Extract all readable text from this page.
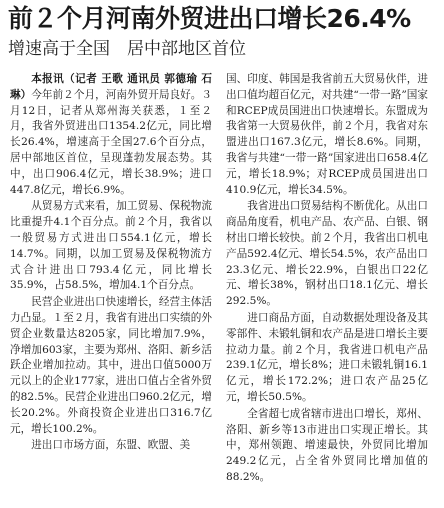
前２个月河南外贸进出口增长26.4%
增速高于全国　居中部地区首位

本报讯（记者 王歌 通讯员 郭德瑜 石琳）今年前２个月，河南外贸开局良好。３月12日，记者从郑州海关获悉，１至２月，我省外贸进出口1354.2亿元，同比增长26.4%，增速高于全国27.6个百分点，居中部地区首位，呈现蓬勃发展态势。其中，出口906.4亿元，增长38.9%；进口447.8亿元，增长6.9%。

从贸易方式来看，加工贸易、保税物流比重提升4.1个百分点。前２个月，我省以一般贸易方式进出口554.1亿元，增长14.7%。同期，以加工贸易及保税物流方式合计进出口793.4亿元，同比增长35.9%，占58.5%，增加4.1个百分点。

民营企业进出口快速增长，经营主体活力凸显。１至２月，我省有进出口实绩的外贸企业数量达8205家，同比增加7.9%，净增加603家，主要为郑州、洛阳、新乡活跃企业增加拉动。其中，进出口值5000万元以上的企业177家，进出口值占全省外贸的82.5%。民营企业进出口960.2亿元，增长20.2%。外商投资企业进出口316.7亿元，增长100.2%。

进出口市场方面，东盟、欧盟、美

国、印度、韩国是我省前五大贸易伙伴，进出口值均超百亿元，对共建“一带一路”国家和RCEP成员国进出口快速增长。东盟成为我省第一大贸易伙伴，前２个月，我省对东盟进出口167.3亿元，增长8.6%。同期，我省与共建“一带一路”国家进出口658.4亿元，增长18.9%；对RCEP成员国进出口410.9亿元，增长34.5%。

我省进出口贸易结构不断优化。从出口商品角度看，机电产品、农产品、白银、钢材出口增长较快。前２个月，我省出口机电产品592.4亿元、增长54.5%，农产品出口23.3亿元、增长22.9%，白银出口22亿元、增长38%，钢材出口18.1亿元、增长292.5%。

进口商品方面，自动数据处理设备及其零部件、未锻轧铜和农产品是进口增长主要拉动力量。前２个月，我省进口机电产品239.1亿元，增长8%；进口未锻轧铜16.1亿元，增长172.2%；进口农产品25亿元，增长50.5%。

全省超七成省辖市进出口增长，郑州、洛阳、新乡等13市进出口实现正增长。其中，郑州领跑、增速最快，外贸同比增加249.2亿元，占全省外贸同比增加值的88.2%。
